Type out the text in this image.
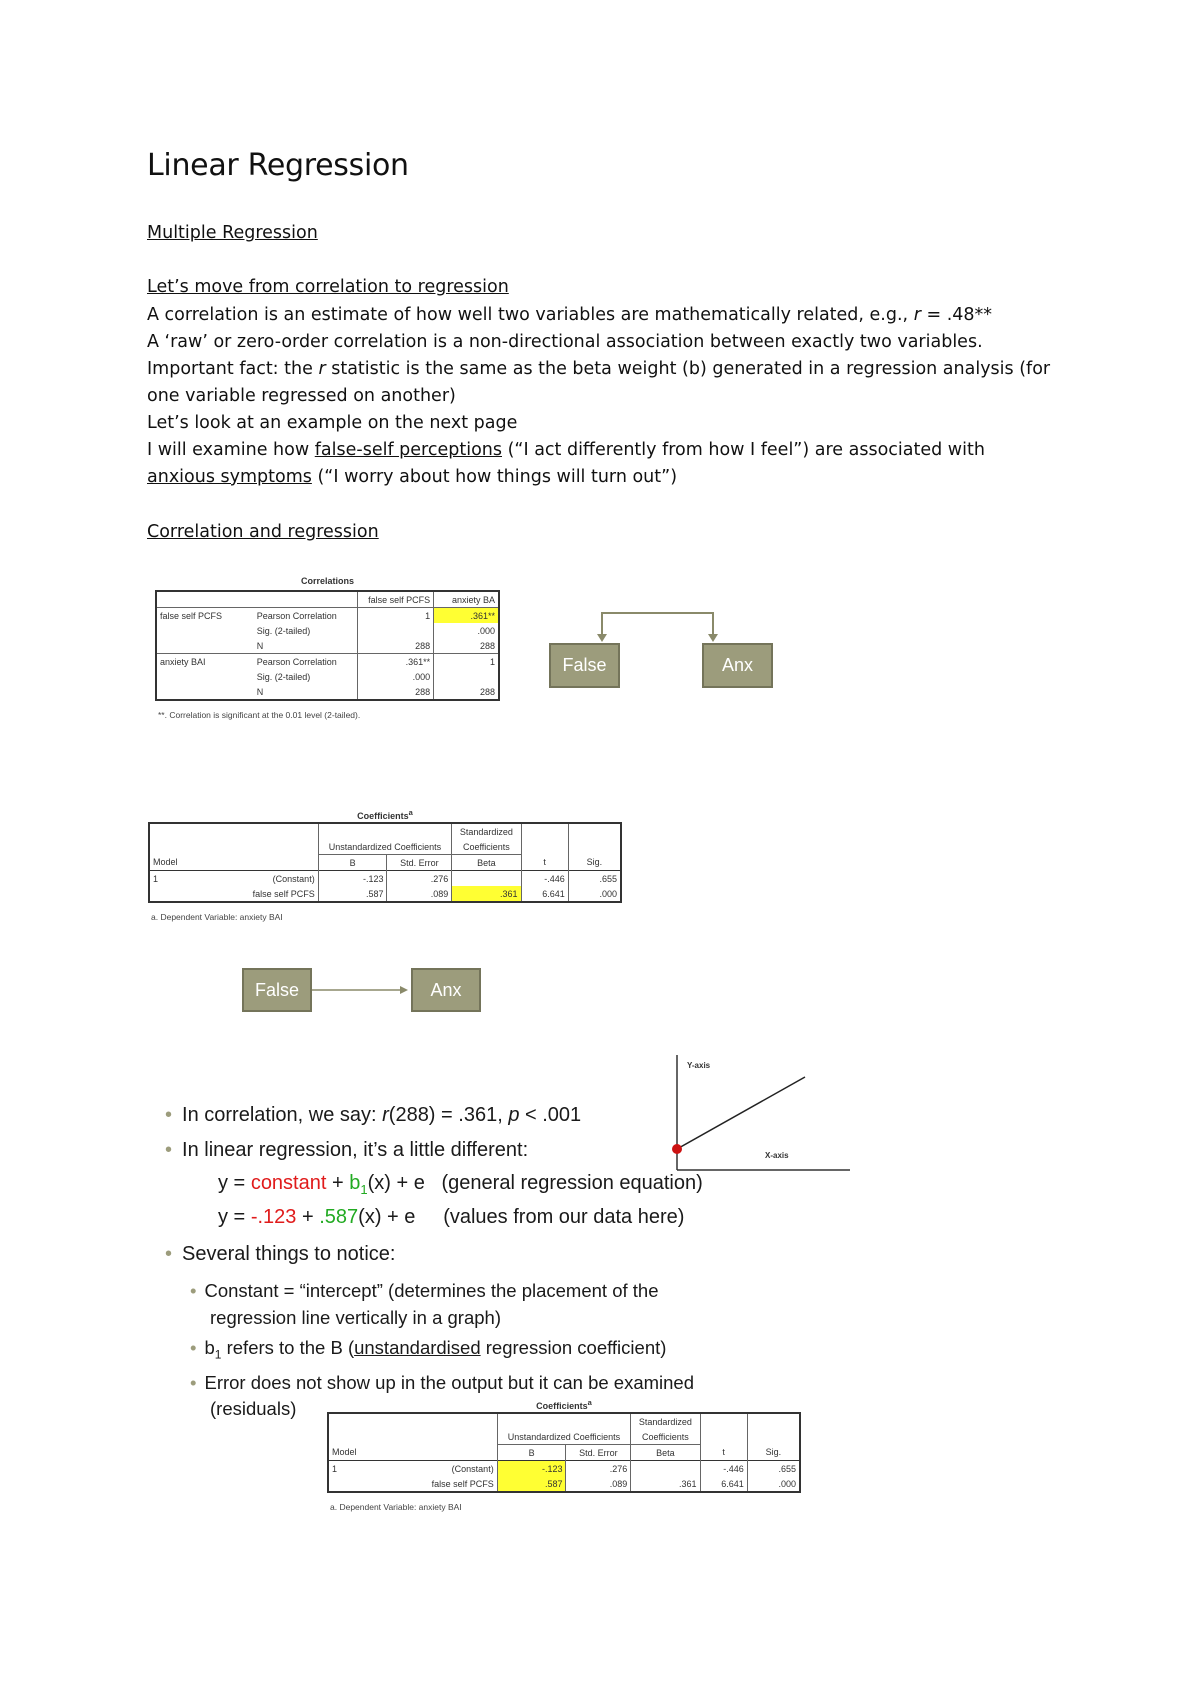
Linear Regression
Multiple Regression
Let’s move from correlation to regression

A correlation is an estimate of how well two variables are mathematically related, e.g., r = .48**

A ‘raw’ or zero-order correlation is a non-directional association between exactly two variables.

Important fact: the r statistic is the same as the beta weight (b) generated in a regression analysis (for

one variable regressed on another)

Let’s look at an example on the next page

I will examine how false-self perceptions (“I act differently from how I feel”) are associated with

anxious symptoms (“I worry about how things will turn out”)

Correlation and regression
Correlations
		false self PCFS	anxiety BA
false self PCFS	Pearson Correlation	1	.361**
	Sig. (2-tailed)		.000
	N	288	288
anxiety BAI	Pearson Correlation	.361**	1
	Sig. (2-tailed)	.000	
	N	288	288
**. Correlation is significant at the 0.01 level (2-tailed).
False	Anx
Coefficients$^a$
				Standardized		
		Unstandardized Coefficients		Coefficients		
Model		B	Std. Error	Beta	t	Sig.
1	(Constant)	-.123	.276		-.446	.655
	false self PCFS	.587	.089	.361	6.641	.000
a. Dependent Variable: anxiety BAI
False	Anx
Y-axis
X-axis
• In correlation, we say: r(288) = .361, p < .001
• In linear regression, it’s a little different:
y = constant + $b_1(x) + e$ (general regression equation)
y = -.123 + .587(x) + e (values from our data here)
• Several things to notice:
• Constant = “intercept” (determines the placement of the
regression line vertically in a graph)
• $b_1$ refers to the B (unstandardised regression coefficient)
• Error does not show up in the output but it can be examined
(residuals)	Coefficients$^a$
				Standardized		
		Unstandardized Coefficients		Coefficients		
Model		B	Std. Error	Beta	t	Sig.
1	(Constant)	-.123	.276		-.446	.655
	false self PCFS	.587	.089	.361	6.641	.000
a. Dependent Variable: anxiety BAI
